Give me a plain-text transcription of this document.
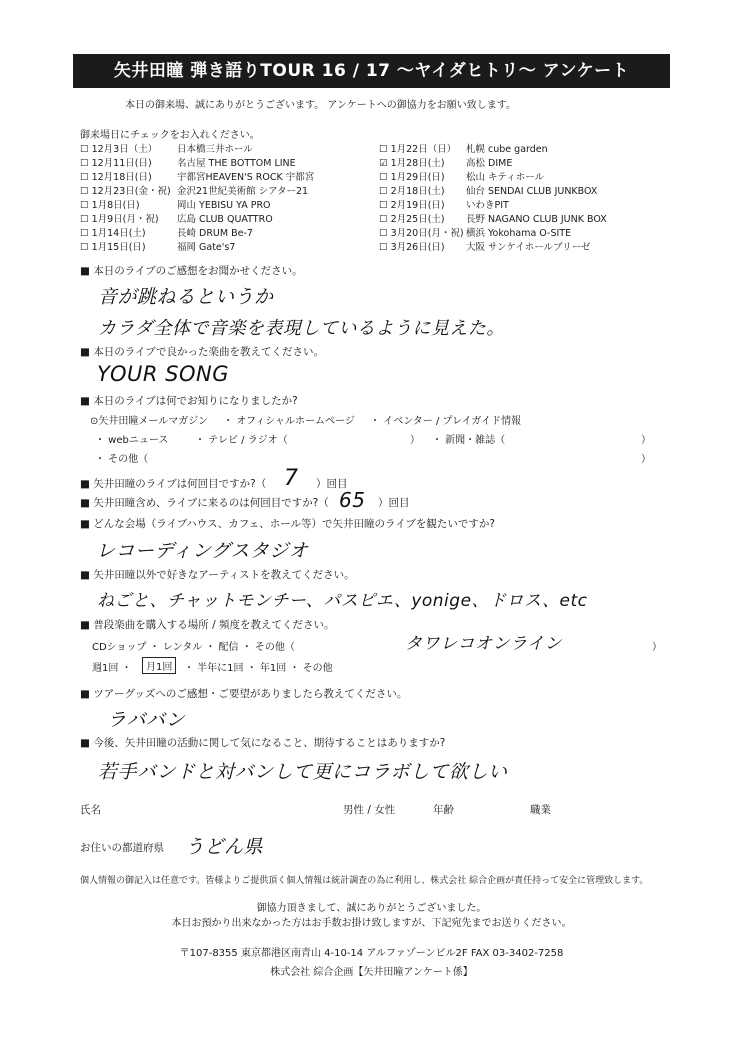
矢井田瞳 弾き語りTOUR 16 / 17 〜ヤイダヒトリ〜 アンケート
本日の御来場、誠にありがとうございます。 アンケートへの御協力をお願い致します。
御来場日にチェックをお入れください。
☐ 12月3日（土） 日本橋三井ホール
☐ 12月11日(日)	名古屋 THE BOTTOM LINE
☐ 12月18日(日)	宇都宮HEAVEN'S ROCK 宇都宮
☐ 12月23日(金・祝) 金沢21世紀美術館 シアター21
☐ 1月8日(日)	岡山 YEBISU YA PRO
☐ 1月9日(月・祝) 広島 CLUB QUATTRO
☐ 1月14日(土)	長崎 DRUM Be-7
☐ 1月15日(日)	福岡 Gate's7
☐ 1月22日（日） 札幌 cube garden
☑ 1月28日(土) 高松 DIME
☐ 1月29日(日) 松山 キティホール
☐ 2月18日(土) 仙台 SENDAI CLUB JUNKBOX
☐ 2月19日(日) いわきPIT
☐ 2月25日(土) 長野 NAGANO CLUB JUNK BOX
☐ 3月20日(月・祝) 横浜 Yokohama O-SITE
☐ 3月26日(日) 大阪 サンケイホールブリーゼ
■ 本日のライブのご感想をお聞かせください。
音が跳ねるというか
カラダ全体で音楽を表現しているように見えた。
■ 本日のライブで良かった楽曲を教えてください。
YOUR SONG
■ 本日のライブは何でお知りになりましたか?
⊙矢井田瞳メールマガジン ・ オフィシャルホームページ ・ イベンター / プレイガイド情報
・ webニュース	・ テレビ / ラジオ（	） ・ 新聞・雑誌（	）
・ その他（	）
■ 矢井田瞳のライブは何回目ですか?（ 7 ）回目
■ 矢井田瞳含め、ライブに来るのは何回目ですか?（ 65 ）回目
■ どんな会場（ライブハウス、カフェ、ホール等）で矢井田瞳のライブを観たいですか?
レコーディングスタジオ
■ 矢井田瞳以外で好きなアーティストを教えてください。
ねごと、チャットモンチー、パスピエ、yonige、ドロス、etc
■ 普段楽曲を購入する場所 / 頻度を教えてください。
CDショップ ・ レンタル ・ 配信 ・ その他（	タワレコオンライン	）
週1回 ・	月1回	・ 半年に1回 ・ 年1回 ・ その他
■ ツアーグッズへのご感想・ご要望がありましたら教えてください。
ラババン
■ 今後、矢井田瞳の活動に関して気になること、期待することはありますか?
若手バンドと対バンして更にコラボして欲しい
氏名	男性 / 女性	年齢	職業
お住いの都道府県 うどん県
個人情報の御記入は任意です。皆様よりご提供頂く個人情報は統計調査の為に利用し、株式会社 綜合企画が責任持って安全に管理致します。
御協力頂きまして、誠にありがとうございました。
本日お預かり出来なかった方はお手数お掛け致しますが、下記宛先までお送りください。
〒107-8355 東京都港区南青山 4-10-14 アルファゾーンビル2F FAX 03-3402-7258
株式会社 綜合企画【矢井田瞳アンケート係】
